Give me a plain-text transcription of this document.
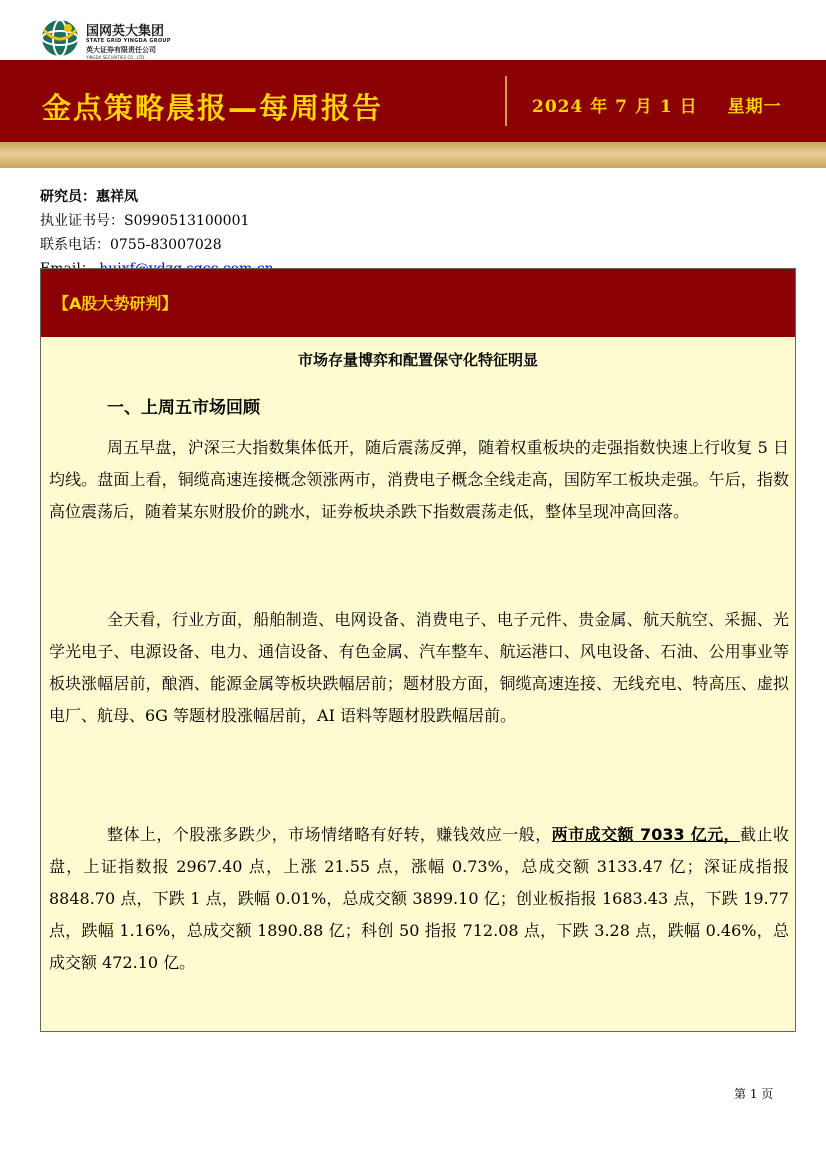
国网英大集团
STATE GRID YINGDA GROUP
英大证券有限责任公司
YINGDA SECURITIES CO., LTD.
金点策略晨报—每周报告	2024 年 7 月 1 日 星期一
研究员：惠祥凤
执业证书号：S0990513100001
联系电话：0755-83007028
【A股大势研判】
市场存量博弈和配置保守化特征明显
一、上周五市场回顾

周五早盘，沪深三大指数集体低开，随后震荡反弹，随着权重板块的走强指数快速上行收复 5 日均线。盘面上看，铜缆高速连接概念领涨两市，消费电子概念全线走高，国防军工板块走强。午后，指数高位震荡后，随着某东财股价的跳水，证券板块杀跌下指数震荡走低，整体呈现冲高回落。

全天看，行业方面，船舶制造、电网设备、消费电子、电子元件、贵金属、航天航空、采掘、光学光电子、电源设备、电力、通信设备、有色金属、汽车整车、航运港口、风电设备、石油、公用事业等板块涨幅居前，酿酒、能源金属等板块跌幅居前；题材股方面，铜缆高速连接、无线充电、特高压、虚拟电厂、航母、6G 等题材股涨幅居前，AI 语料等题材股跌幅居前。

整体上，个股涨多跌少，市场情绪略有好转，赚钱效应一般，两市成交额 7033 亿元，截止收盘，上证指数报 2967.40 点，上涨 21.55 点，涨幅 0.73%，总成交额 3133.47 亿；深证成指报 8848.70 点，下跌 1 点，跌幅 0.01%，总成交额 3899.10 亿；创业板指报 1683.43 点，下跌 19.77 点，跌幅 1.16%，总成交额 1890.88 亿；科创 50 指报 712.08 点，下跌 3.28 点，跌幅 0.46%，总成交额 472.10 亿。

第 1 页
